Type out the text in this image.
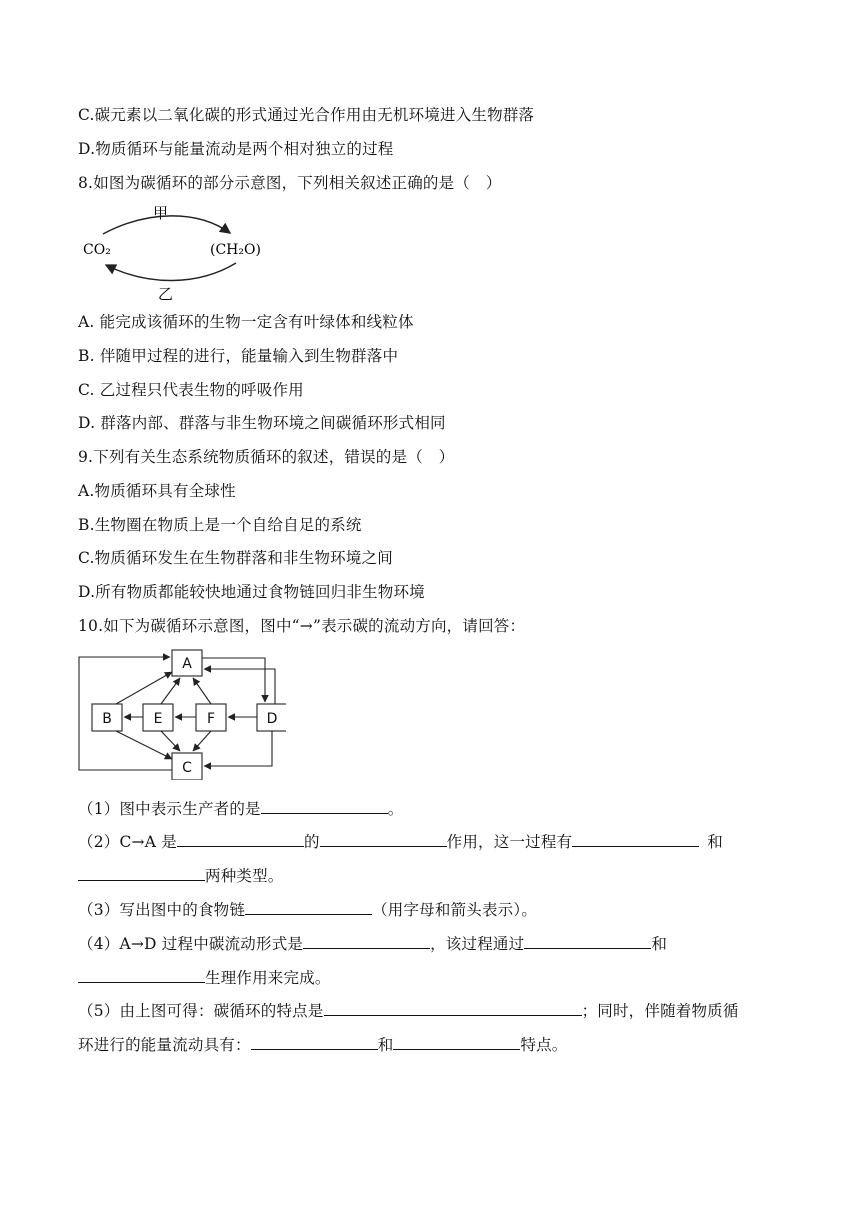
C.碳元素以二氧化碳的形式通过光合作用由无机环境进入生物群落
D.物质循环与能量流动是两个相对独立的过程
8.如图为碳循环的部分示意图，下列相关叙述正确的是（　）
甲
CO₂	(CH₂O)
乙
A. 能完成该循环的生物一定含有叶绿体和线粒体
B. 伴随甲过程的进行，能量输入到生物群落中
C. 乙过程只代表生物的呼吸作用
D. 群落内部、群落与非生物环境之间碳循环形式相同
9.下列有关生态系统物质循环的叙述，错误的是（　）
A.物质循环具有全球性
B.生物圈在物质上是一个自给自足的系统
C.物质循环发生在生物群落和非生物环境之间
D.所有物质都能较快地通过食物链回归非生物环境
10.如下为碳循环示意图，图中“→”表示碳的流动方向，请回答：
A
B
C
D
E	F
（1）图中表示生产者的是	。
（2）C→A 是	的	作用，这一过程有	和
两种类型。
（3）写出图中的食物链	（用字母和箭头表示）。
（4）A→D 过程中碳流动形式是	，该过程通过	和
生理作用来完成。
（5）由上图可得：碳循环的特点是	；同时，伴随着物质循
环进行的能量流动具有：	和	特点。
